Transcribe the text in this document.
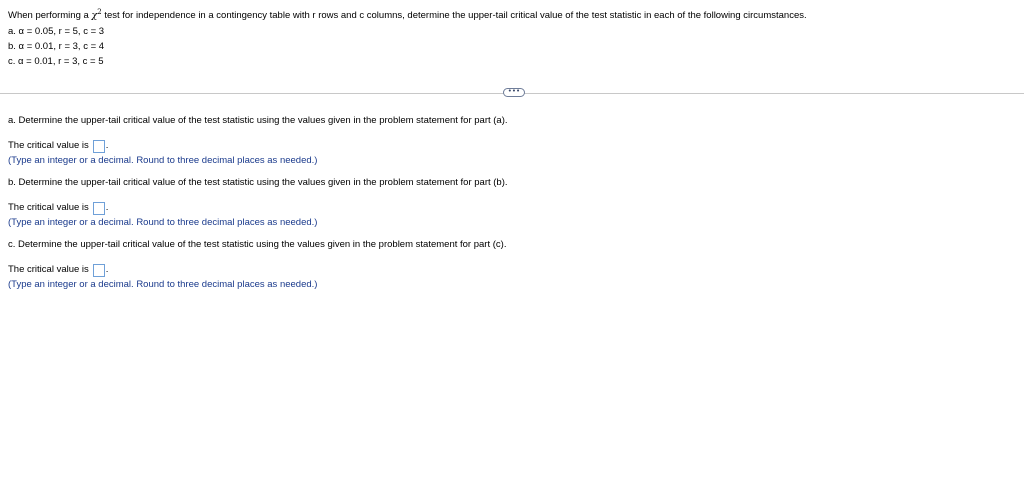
When performing a $\chi^2$ test for independence in a contingency table with r rows and c columns, determine the upper-tail critical value of the test statistic in each of the following circumstances.

a. α = 0.05, r = 5, c = 3
b. α = 0.01, r = 3, c = 4
c. α = 0.01, r = 3, c = 5
•••

a. Determine the upper-tail critical value of the test statistic using the values given in the problem statement for part (a).

The critical value is .

(Type an integer or a decimal. Round to three decimal places as needed.)

b. Determine the upper-tail critical value of the test statistic using the values given in the problem statement for part (b).

The critical value is .

(Type an integer or a decimal. Round to three decimal places as needed.)

c. Determine the upper-tail critical value of the test statistic using the values given in the problem statement for part (c).

The critical value is .

(Type an integer or a decimal. Round to three decimal places as needed.)
